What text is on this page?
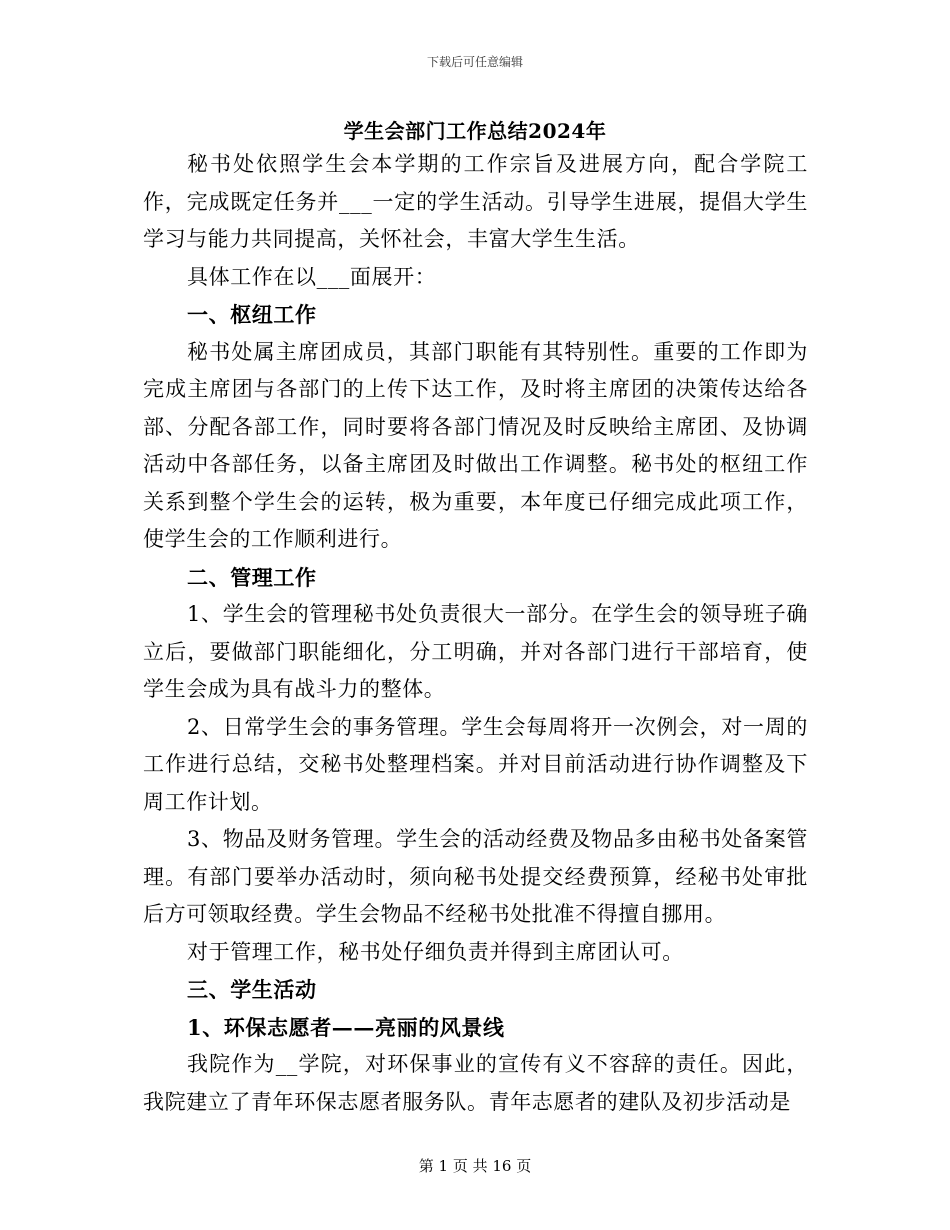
下载后可任意编辑
学生会部门工作总结2024年

秘书处依照学生会本学期的工作宗旨及进展方向，配合学院工作，完成既定任务并___一定的学生活动。引导学生进展，提倡大学生学习与能力共同提高，关怀社会，丰富大学生生活。

具体工作在以___面展开：

一、枢纽工作

秘书处属主席团成员，其部门职能有其特别性。重要的工作即为完成主席团与各部门的上传下达工作，及时将主席团的决策传达给各部、分配各部工作，同时要将各部门情况及时反映给主席团、及协调活动中各部任务，以备主席团及时做出工作调整。秘书处的枢纽工作关系到整个学生会的运转，极为重要，本年度已仔细完成此项工作，使学生会的工作顺利进行。

二、管理工作

1、学生会的管理秘书处负责很大一部分。在学生会的领导班子确立后，要做部门职能细化，分工明确，并对各部门进行干部培育，使学生会成为具有战斗力的整体。

2、日常学生会的事务管理。学生会每周将开一次例会，对一周的工作进行总结，交秘书处整理档案。并对目前活动进行协作调整及下周工作计划。

3、物品及财务管理。学生会的活动经费及物品多由秘书处备案管理。有部门要举办活动时，须向秘书处提交经费预算，经秘书处审批后方可领取经费。学生会物品不经秘书处批准不得擅自挪用。

对于管理工作，秘书处仔细负责并得到主席团认可。

三、学生活动

1、环保志愿者——亮丽的风景线

我院作为__学院，对环保事业的宣传有义不容辞的责任。因此，我院建立了青年环保志愿者服务队。青年志愿者的建队及初步活动是

第 1 页 共 16 页
